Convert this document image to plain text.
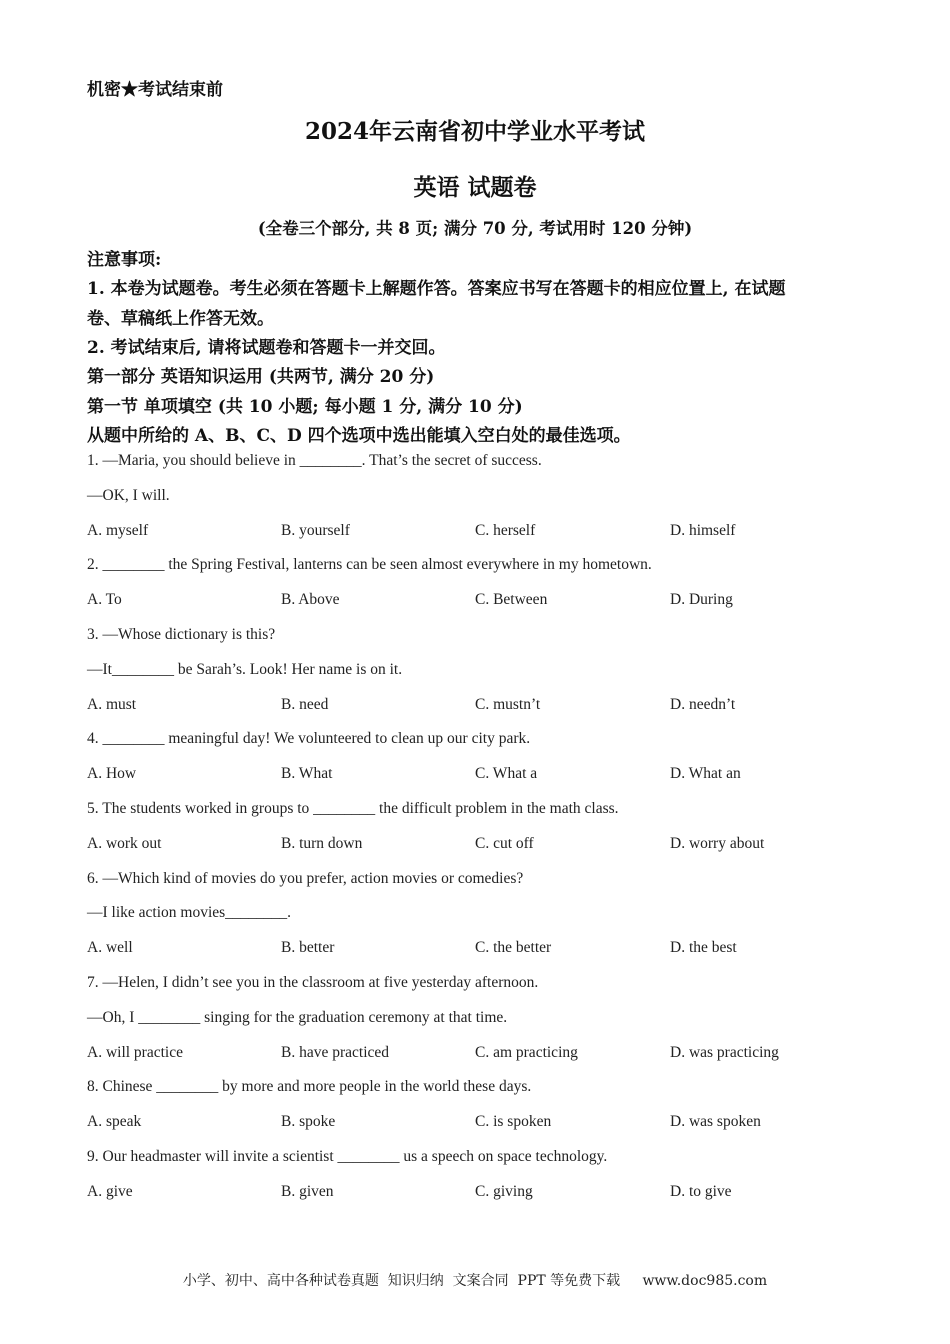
机密★考试结束前
2024年云南省初中学业水平考试
英语 试题卷
(全卷三个部分, 共 8 页; 满分 70 分, 考试用时 120 分钟)
注意事项:
1. 本卷为试题卷。考生必须在答题卡上解题作答。答案应书写在答题卡的相应位置上, 在试题
卷、草稿纸上作答无效。
2. 考试结束后, 请将试题卷和答题卡一并交回。
第一部分 英语知识运用 (共两节, 满分 20 分)
第一节 单项填空 (共 10 小题; 每小题 1 分, 满分 10 分)
从题中所给的 A、B、C、D 四个选项中选出能填入空白处的最佳选项。
1. —Maria, you should believe in ________. That’s the secret of success.
—OK, I will.
A. myself	B. yourself	C. herself	D. himself
2. ________ the Spring Festival, lanterns can be seen almost everywhere in my hometown.
A. To	B. Above	C. Between	D. During
3. —Whose dictionary is this?
—It________ be Sarah’s. Look! Her name is on it.
A. must	B. need	C. mustn’t	D. needn’t
4. ________ meaningful day! We volunteered to clean up our city park.
A. How	B. What	C. What a	D. What an
5. The students worked in groups to ________ the difficult problem in the math class.
A. work out	B. turn down	C. cut off	D. worry about
6. —Which kind of movies do you prefer, action movies or comedies?
—I like action movies________.
A. well	B. better	C. the better	D. the best
7. —Helen, I didn’t see you in the classroom at five yesterday afternoon.
—Oh, I ________ singing for the graduation ceremony at that time.
A. will practice	B. have practiced	C. am practicing	D. was practicing
8. Chinese ________ by more and more people in the world these days.
A. speak	B. spoke	C. is spoken	D. was spoken
9. Our headmaster will invite a scientist ________ us a speech on space technology.
A. give	B. given	C. giving	D. to give
小学、初中、高中各种试卷真题  知识归纳  文案合同  PPT 等免费下载     www.doc985.com
